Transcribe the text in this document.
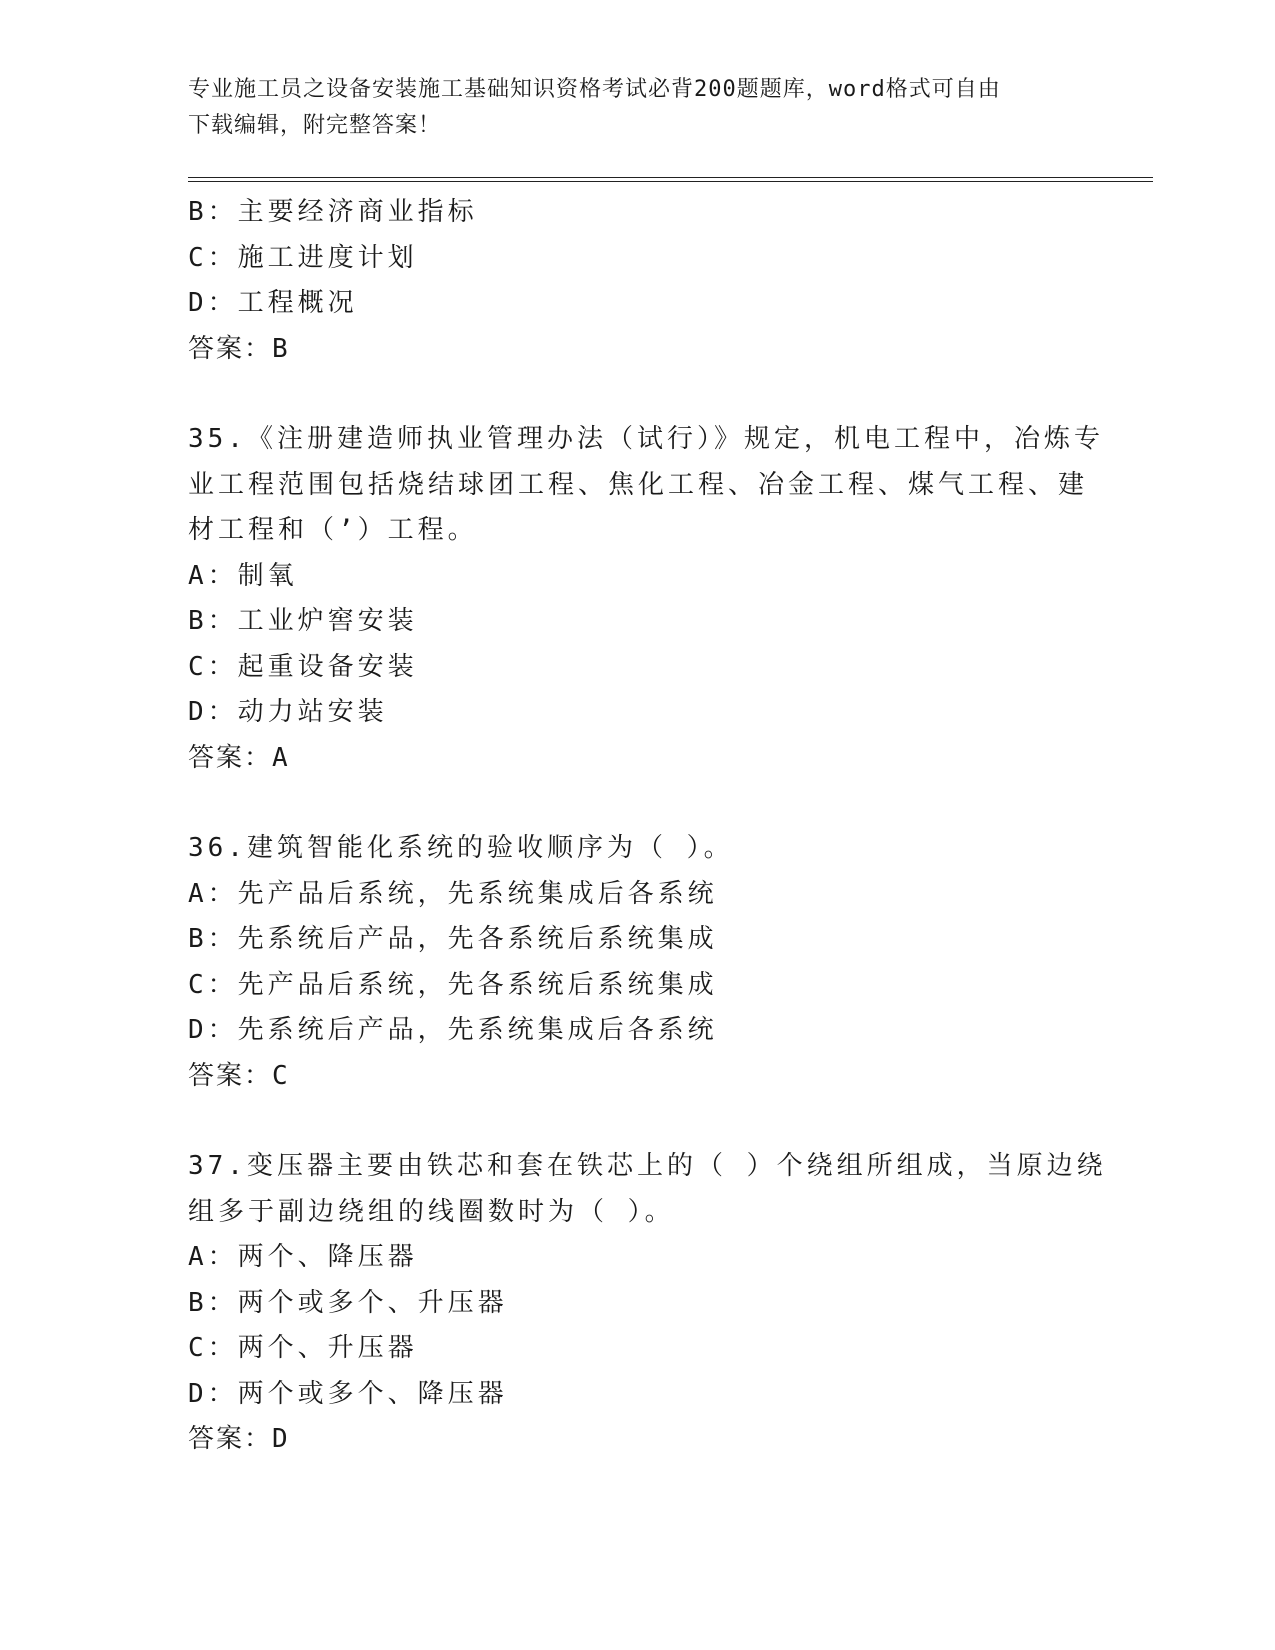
专业施工员之设备安装施工基础知识资格考试必背200题题库，word格式可自由
下载编辑，附完整答案！
B：主要经济商业指标
C：施工进度计划
D：工程概况
答案：B
35.《注册建造师执业管理办法（试行）》规定，机电工程中，冶炼专
业工程范围包括烧结球团工程、焦化工程、冶金工程、煤气工程、建
材工程和（’）工程。
A：制氧
B：工业炉窖安装
C：起重设备安装
D：动力站安装
答案：A
36.建筑智能化系统的验收顺序为（ ）。
A：先产品后系统，先系统集成后各系统
B：先系统后产品，先各系统后系统集成
C：先产品后系统，先各系统后系统集成
D：先系统后产品，先系统集成后各系统
答案：C
37.变压器主要由铁芯和套在铁芯上的（ ）个绕组所组成，当原边绕
组多于副边绕组的线圈数时为（ ）。
A：两个、降压器
B：两个或多个、升压器
C：两个、升压器
D：两个或多个、降压器
答案：D
